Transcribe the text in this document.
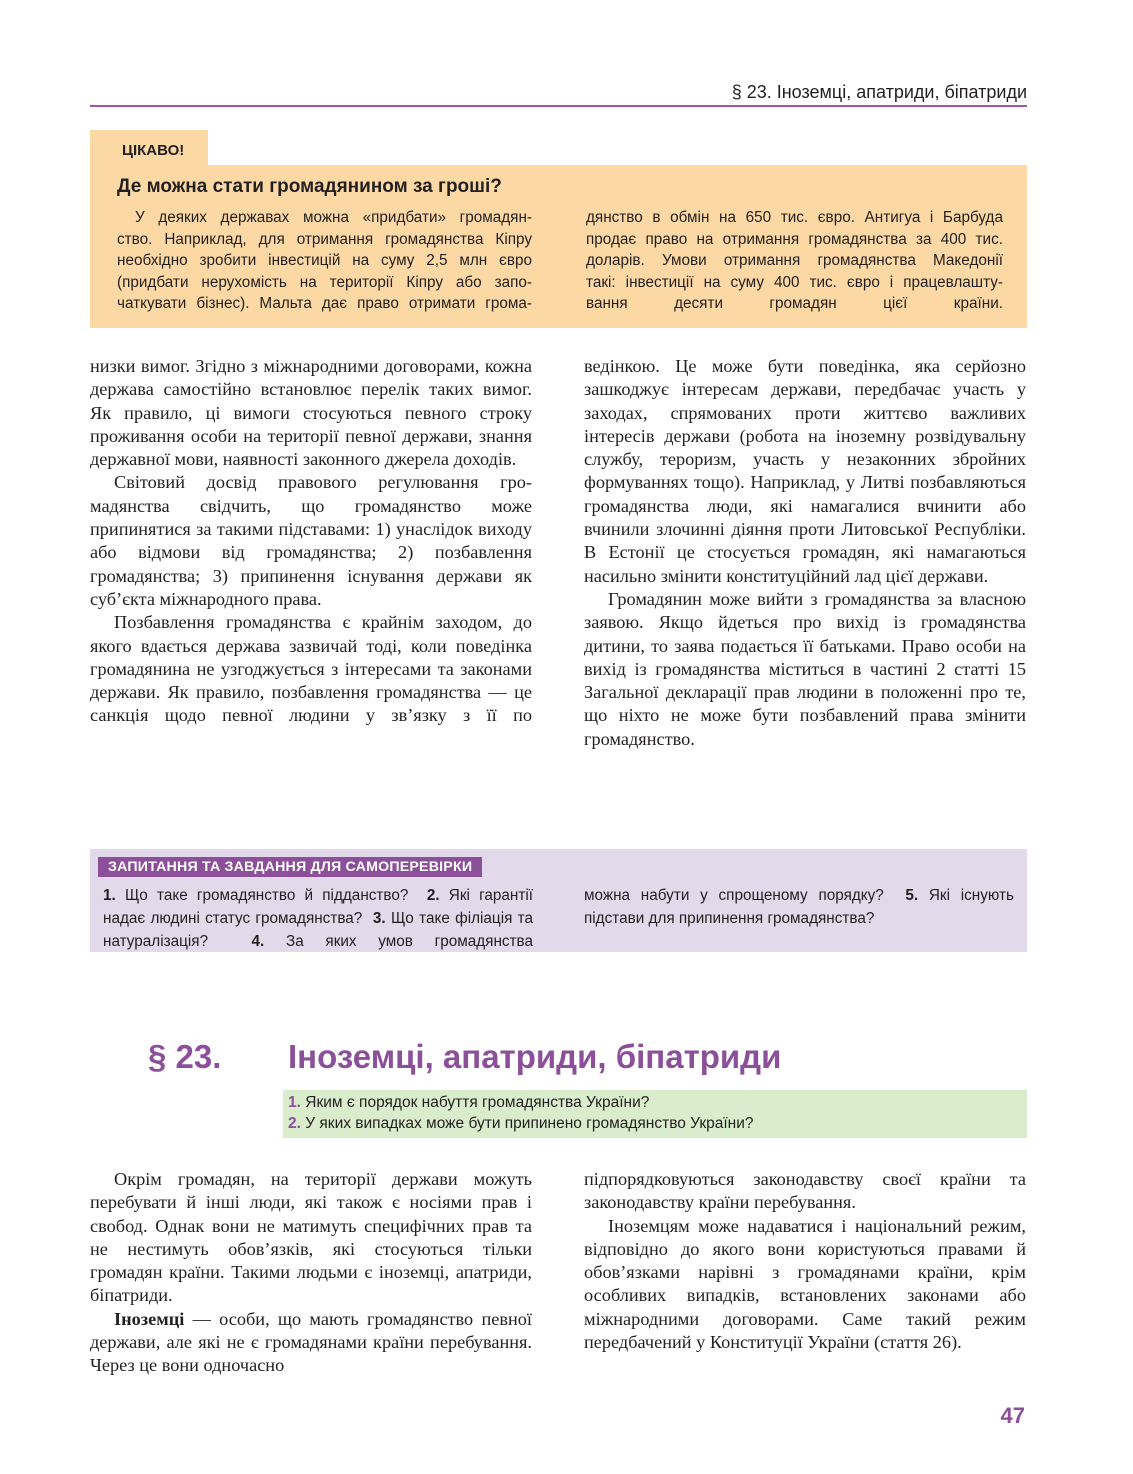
§ 23. Іноземці, апатриди, біпатриди
ЦІКАВО!
Де можна стати громадянином за гроші?
У деяких державах можна «придбати» громадян-
ство. Наприклад, для отримання громадянства Кіпру
необхідно зробити інвестицій на суму 2,5 млн євро
(придбати нерухомість на території Кіпру або запо-
чаткувати бізнес). Мальта дає право отримати грома-
дянство в обмін на 650 тис. євро. Антигуа і Барбуда
продає право на отримання громадянства за 400 тис.
доларів. Умови отримання громадянства Македонії
такі: інвестиції на суму 400 тис. євро і працевлашту-
вання десяти громадян цієї країни.

низки вимог. Згідно з міжнародними договорами, кожна держава самостійно встановлює перелік таких вимог. Як правило, ці вимоги стосуються певного строку проживання особи на території певної держави, знання державної мови, наявності законного джерела доходів.

Світовий досвід правового регулювання громадянства свідчить, що громадянство може припинятися за такими підставами: 1) унаслідок виходу або відмови від громадянства; 2) позбавлення громадянства; 3) припинення існування держави як суб’єкта міжнародного права.

Позбавлення громадянства є крайнім заходом, до якого вдається держава зазвичай тоді, коли поведінка громадянина не узгоджується з інтересами та законами держави. Як правило, позбавлення громадянства — це санкція щодо певної людини у зв’язку з її по

ведінкою. Це може бути поведінка, яка серйозно зашкоджує інтересам держави, передбачає участь у заходах, спрямованих проти життєво важливих інтересів держави (робота на іноземну розвідувальну службу, тероризм, участь у незаконних збройних формуваннях тощо). Наприклад, у Литві позбавляються громадянства люди, які намагалися вчинити або вчинили злочинні діяння проти Литовської Республіки. В Естонії це стосується громадян, які намагаються насильно змінити конституційний лад цієї держави.

Громадянин може вийти з громадянства за власною заявою. Якщо йдеться про вихід із громадянства дитини, то заява подається її батьками. Право особи на вихід із громадянства міститься в частині 2 статті 15 Загальної декларації прав людини в положенні про те, що ніхто не може бути позбавлений права змінити громадянство.

ЗАПИТАННЯ ТА ЗАВДАННЯ ДЛЯ САМОПЕРЕВІРКИ
1. Що таке громадянство й підданство? 2. Які гарантії надає людині статус громадянства? 3. Що таке філіація та натуралізація?	4. За яких умов громадянства
можна набути у спрощеному порядку? 5. Які існують підстави для припинення громадянства?
§ 23. Іноземці, апатриди, біпатриди
1. Яким є порядок набуття громадянства України?
2. У яких випадках може бути припинено громадянство України?

Окрім громадян, на території держави можуть перебувати й інші люди, які також є носіями прав і свобод. Однак вони не матимуть специфічних прав та не нестимуть обов’язків, які стосуються тільки громадян країни. Такими людьми є іноземці, апатриди, біпатриди.

Іноземці — особи, що мають громадянство певної держави, але які не є громадянами країни перебування. Через це вони одночасно

підпорядковуються законодавству своєї країни та законодавству країни перебування.

Іноземцям може надаватися і національний режим, відповідно до якого вони користуються правами й обов’язками нарівні з громадянами країни, крім особливих випадків, встановлених законами або міжнародними договорами. Саме такий режим передбачений у Конституції України (стаття 26).

47
